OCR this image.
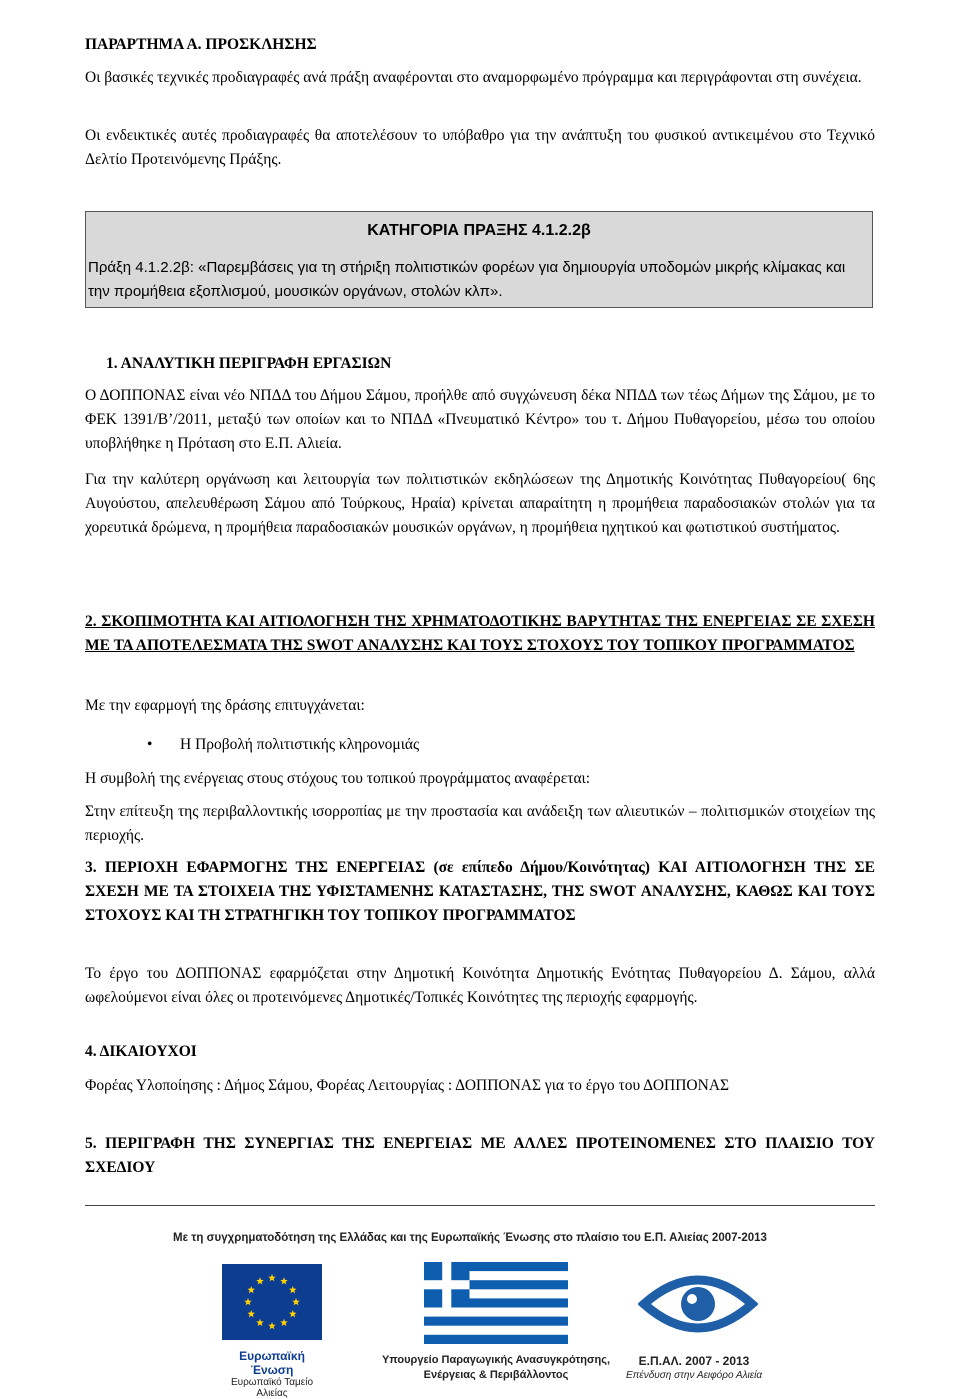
ΠΑΡΑΡΤΗΜΑ Α. ΠΡΟΣΚΛΗΣΗΣ
Οι βασικές τεχνικές προδιαγραφές ανά πράξη αναφέρονται στο αναμορφωμένο πρόγραμμα και περιγράφονται στη συνέχεια.
Οι ενδεικτικές αυτές προδιαγραφές θα αποτελέσουν το υπόβαθρο για την ανάπτυξη του φυσικού αντικειμένου στο Τεχνικό Δελτίο Προτεινόμενης Πράξης.
ΚΑΤΗΓΟΡΙΑ ΠΡΑΞΗΣ 4.1.2.2β
Πράξη 4.1.2.2β: «Παρεμβάσεις για τη στήριξη πολιτιστικών φορέων για δημιουργία υποδομών μικρής κλίμακας και την προμήθεια εξοπλισμού, μουσικών οργάνων, στολών κλπ».
1. ΑΝΑΛΥΤΙΚΗ ΠΕΡΙΓΡΑΦΗ ΕΡΓΑΣΙΩΝ
Ο ΔΟΠΠΟΝΑΣ είναι νέο ΝΠΔΔ του Δήμου Σάμου, προήλθε από συγχώνευση δέκα ΝΠΔΔ των τέως Δήμων της Σάμου, με το ΦΕΚ 1391/Β’/2011, μεταξύ των οποίων και το ΝΠΔΔ «Πνευματικό Κέντρο» του τ. Δήμου Πυθαγορείου, μέσω του οποίου υποβλήθηκε η Πρόταση στο Ε.Π. Αλιεία.
Για την καλύτερη οργάνωση και λειτουργία των πολιτιστικών εκδηλώσεων της Δημοτικής Κοινότητας Πυθαγορείου( 6ης Αυγούστου, απελευθέρωση Σάμου από Τούρκους, Ηραία) κρίνεται απαραίτητη η προμήθεια παραδοσιακών στολών για τα χορευτικά δρώμενα, η προμήθεια παραδοσιακών μουσικών οργάνων, η προμήθεια ηχητικού και φωτιστικού συστήματος.
2. ΣΚΟΠΙΜΟΤΗΤΑ ΚΑΙ ΑΙΤΙΟΛΟΓΗΣΗ ΤΗΣ ΧΡΗΜΑΤΟΔΟΤΙΚΗΣ ΒΑΡΥΤΗΤΑΣ ΤΗΣ ΕΝΕΡΓΕΙΑΣ ΣΕ ΣΧΕΣΗ ΜΕ ΤΑ ΑΠΟΤΕΛΕΣΜΑΤΑ ΤΗΣ SWOT ΑΝΑΛΥΣΗΣ ΚΑΙ ΤΟΥΣ ΣΤΟΧΟΥΣ ΤΟΥ ΤΟΠΙΚΟΥ ΠΡΟΓΡΑΜΜΑΤΟΣ
Με την εφαρμογή της δράσης επιτυγχάνεται:
• Η Προβολή πολιτιστικής κληρονομιάς
Η συμβολή της ενέργειας στους στόχους του τοπικού προγράμματος αναφέρεται:
Στην επίτευξη της περιβαλλοντικής ισορροπίας με την προστασία και ανάδειξη των αλιευτικών – πολιτισμικών στοιχείων της περιοχής.
3. ΠΕΡΙΟΧΗ ΕΦΑΡΜΟΓΗΣ ΤΗΣ ΕΝΕΡΓΕΙΑΣ (σε επίπεδο Δήμου/Κοινότητας) ΚΑΙ ΑΙΤΙΟΛΟΓΗΣΗ ΤΗΣ ΣΕ ΣΧΕΣΗ ΜΕ ΤΑ ΣΤΟΙΧΕΙΑ ΤΗΣ ΥΦΙΣΤΑΜΕΝΗΣ ΚΑΤΑΣΤΑΣΗΣ, ΤΗΣ SWOT ΑΝΑΛΥΣΗΣ, ΚΑΘΩΣ ΚΑΙ ΤΟΥΣ ΣΤΟΧΟΥΣ ΚΑΙ ΤΗ ΣΤΡΑΤΗΓΙΚΗ ΤΟΥ ΤΟΠΙΚΟΥ ΠΡΟΓΡΑΜΜΑΤΟΣ
Το έργο του ΔΟΠΠΟΝΑΣ εφαρμόζεται στην Δημοτική Κοινότητα Δημοτικής Ενότητας Πυθαγορείου Δ. Σάμου, αλλά ωφελούμενοι είναι όλες οι προτεινόμενες Δημοτικές/Τοπικές Κοινότητες της περιοχής εφαρμογής.
4. ΔΙΚΑΙΟΥΧΟΙ
Φορέας Υλοποίησης : Δήμος Σάμου, Φορέας Λειτουργίας : ΔΟΠΠΟΝΑΣ για το έργο του ΔΟΠΠΟΝΑΣ
5. ΠΕΡΙΓΡΑΦΗ ΤΗΣ ΣΥΝΕΡΓΙΑΣ ΤΗΣ ΕΝΕΡΓΕΙΑΣ ΜΕ ΑΛΛΕΣ ΠΡΟΤΕΙΝΟΜΕΝΕΣ ΣΤΟ ΠΛΑΙΣΙΟ ΤΟΥ ΣΧΕΔΙΟΥ
Με τη συγχρηματοδότηση της Ελλάδας και της Ευρωπαϊκής Ένωσης στο πλαίσιο του Ε.Π. Αλιείας 2007-2013
Ευρωπαϊκή Ένωση
Ευρωπαϊκό Ταμείο Αλιείας
Υπουργείο Παραγωγικής Ανασυγκρότησης,
Ενέργειας & Περιβάλλοντος
Ε.Π.ΑΛ. 2007 - 2013
Επένδυση στην Αειφόρο Αλιεία
